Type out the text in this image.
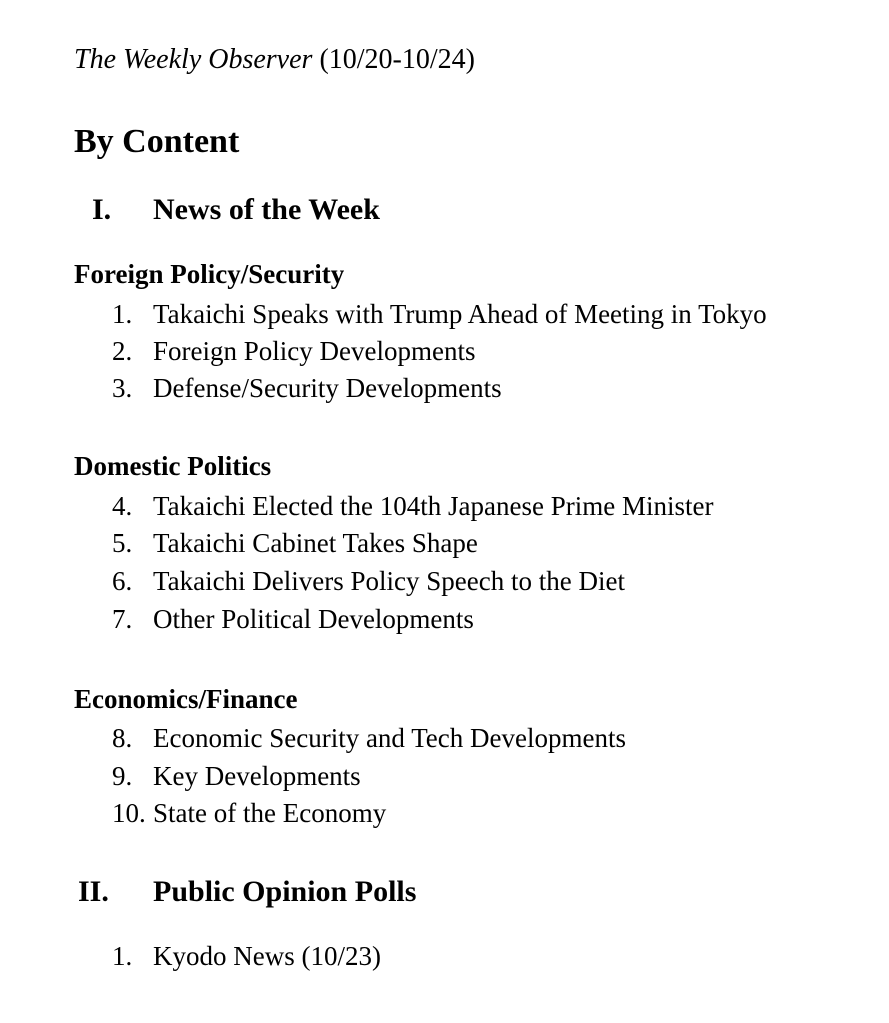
The Weekly Observer (10/20-10/24)
By Content
I. News of the Week
Foreign Policy/Security
1. Takaichi Speaks with Trump Ahead of Meeting in Tokyo
2. Foreign Policy Developments
3. Defense/Security Developments
Domestic Politics
4. Takaichi Elected the 104th Japanese Prime Minister
5. Takaichi Cabinet Takes Shape
6. Takaichi Delivers Policy Speech to the Diet
7. Other Political Developments
Economics/Finance
8. Economic Security and Tech Developments
9. Key Developments
10. State of the Economy
II. Public Opinion Polls
1. Kyodo News (10/23)
